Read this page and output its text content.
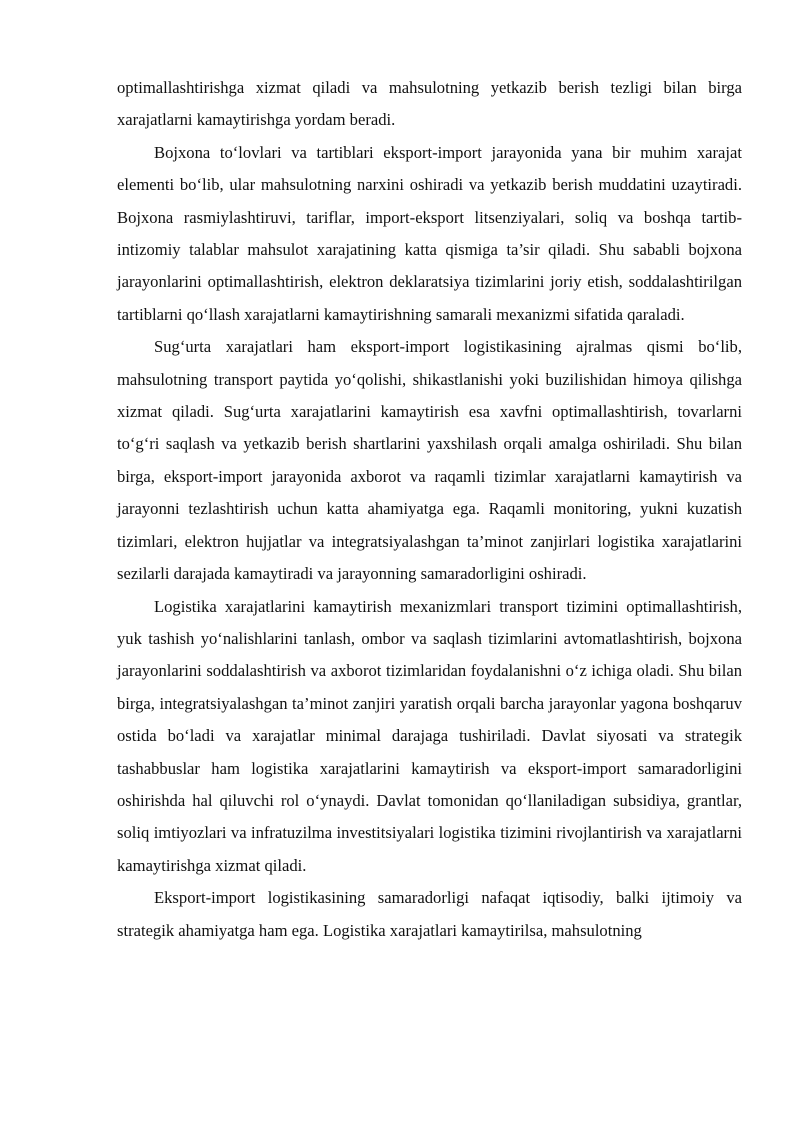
optimallashtirishga xizmat qiladi va mahsulotning yetkazib berish tezligi bilan birga xarajatlarni kamaytirishga yordam beradi.

Bojxona to‘lovlari va tartiblari eksport-import jarayonida yana bir muhim xarajat elementi bo‘lib, ular mahsulotning narxini oshiradi va yetkazib berish muddatini uzaytiradi. Bojxona rasmiylashtiruvi, tariflar, import-eksport litsenziyalari, soliq va boshqa tartib-intizomiy talablar mahsulot xarajatining katta qismiga ta’sir qiladi. Shu sababli bojxona jarayonlarini optimallashtirish, elektron deklaratsiya tizimlarini joriy etish, soddalashtirilgan tartiblarni qo‘llash xarajatlarni kamaytirishning samarali mexanizmi sifatida qaraladi.

Sug‘urta xarajatlari ham eksport-import logistikasining ajralmas qismi bo‘lib, mahsulotning transport paytida yo‘qolishi, shikastlanishi yoki buzilishidan himoya qilishga xizmat qiladi. Sug‘urta xarajatlarini kamaytirish esa xavfni optimallashtirish, tovarlarni to‘g‘ri saqlash va yetkazib berish shartlarini yaxshilash orqali amalga oshiriladi. Shu bilan birga, eksport-import jarayonida axborot va raqamli tizimlar xarajatlarni kamaytirish va jarayonni tezlashtirish uchun katta ahamiyatga ega. Raqamli monitoring, yukni kuzatish tizimlari, elektron hujjatlar va integratsiyalashgan ta’minot zanjirlari logistika xarajatlarini sezilarli darajada kamaytiradi va jarayonning samaradorligini oshiradi.

Logistika xarajatlarini kamaytirish mexanizmlari transport tizimini optimallashtirish, yuk tashish yo‘nalishlarini tanlash, ombor va saqlash tizimlarini avtomatlashtirish, bojxona jarayonlarini soddalashtirish va axborot tizimlaridan foydalanishni o‘z ichiga oladi. Shu bilan birga, integratsiyalashgan ta’minot zanjiri yaratish orqali barcha jarayonlar yagona boshqaruv ostida bo‘ladi va xarajatlar minimal darajaga tushiriladi. Davlat siyosati va strategik tashabbuslar ham logistika xarajatlarini kamaytirish va eksport-import samaradorligini oshirishda hal qiluvchi rol o‘ynaydi. Davlat tomonidan qo‘llaniladigan subsidiya, grantlar, soliq imtiyozlari va infratuzilma investitsiyalari logistika tizimini rivojlantirish va xarajatlarni kamaytirishga xizmat qiladi.

Eksport-import logistikasining samaradorligi nafaqat iqtisodiy, balki ijtimoiy va strategik ahamiyatga ham ega. Logistika xarajatlari kamaytirilsa, mahsulotning
